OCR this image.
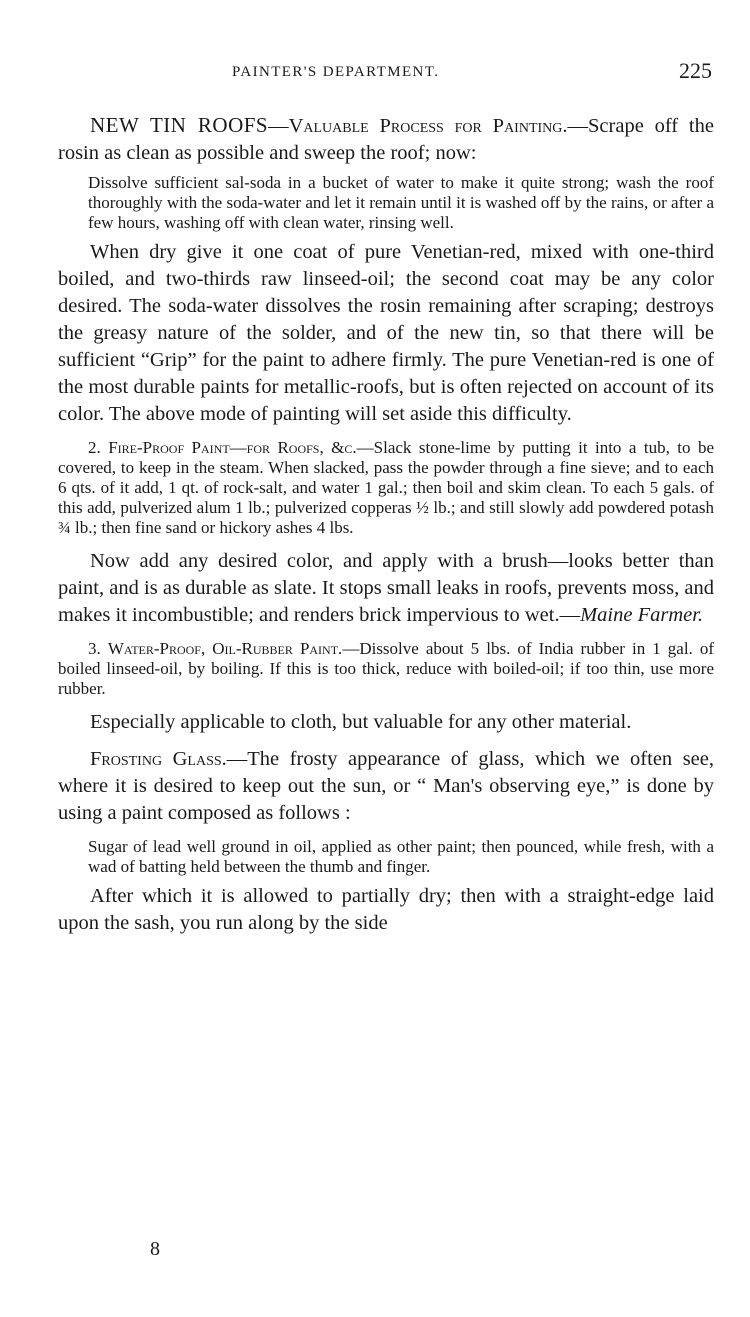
PAINTER'S DEPARTMENT.	225

NEW TIN ROOFS—Valuable Process for Painting.—Scrape off the rosin as clean as possible and sweep the roof; now:

Dissolve sufficient sal-soda in a bucket of water to make it quite strong; wash the roof thoroughly with the soda-water and let it remain until it is washed off by the rains, or after a few hours, washing off with clean water, rinsing well.

When dry give it one coat of pure Venetian-red, mixed with one-third boiled, and two-thirds raw linseed-oil; the second coat may be any color desired. The soda-water dissolves the rosin remaining after scraping; destroys the greasy nature of the solder, and of the new tin, so that there will be sufficient “Grip” for the paint to adhere firmly. The pure Venetian-red is one of the most durable paints for metallic-roofs, but is often rejected on account of its color. The above mode of painting will set aside this difficulty.

2. Fire-Proof Paint—for Roofs, &c.—Slack stone-lime by putting it into a tub, to be covered, to keep in the steam. When slacked, pass the powder through a fine sieve; and to each 6 qts. of it add, 1 qt. of rock-salt, and water 1 gal.; then boil and skim clean. To each 5 gals. of this add, pulverized alum 1 lb.; pulverized copperas ½ lb.; and still slowly add powdered potash ¾ lb.; then fine sand or hickory ashes 4 lbs.

Now add any desired color, and apply with a brush—looks better than paint, and is as durable as slate. It stops small leaks in roofs, prevents moss, and makes it incombustible; and renders brick impervious to wet.—Maine Farmer.

3. Water-Proof, Oil-Rubber Paint.—Dissolve about 5 lbs. of India rubber in 1 gal. of boiled linseed-oil, by boiling. If this is too thick, reduce with boiled-oil; if too thin, use more rubber.

Especially applicable to cloth, but valuable for any other material.

Frosting Glass.—The frosty appearance of glass, which we often see, where it is desired to keep out the sun, or “ Man's observing eye,” is done by using a paint composed as follows :

Sugar of lead well ground in oil, applied as other paint; then pounced, while fresh, with a wad of batting held between the thumb and finger.

After which it is allowed to partially dry; then with a straight-edge laid upon the sash, you run along by the side

8
